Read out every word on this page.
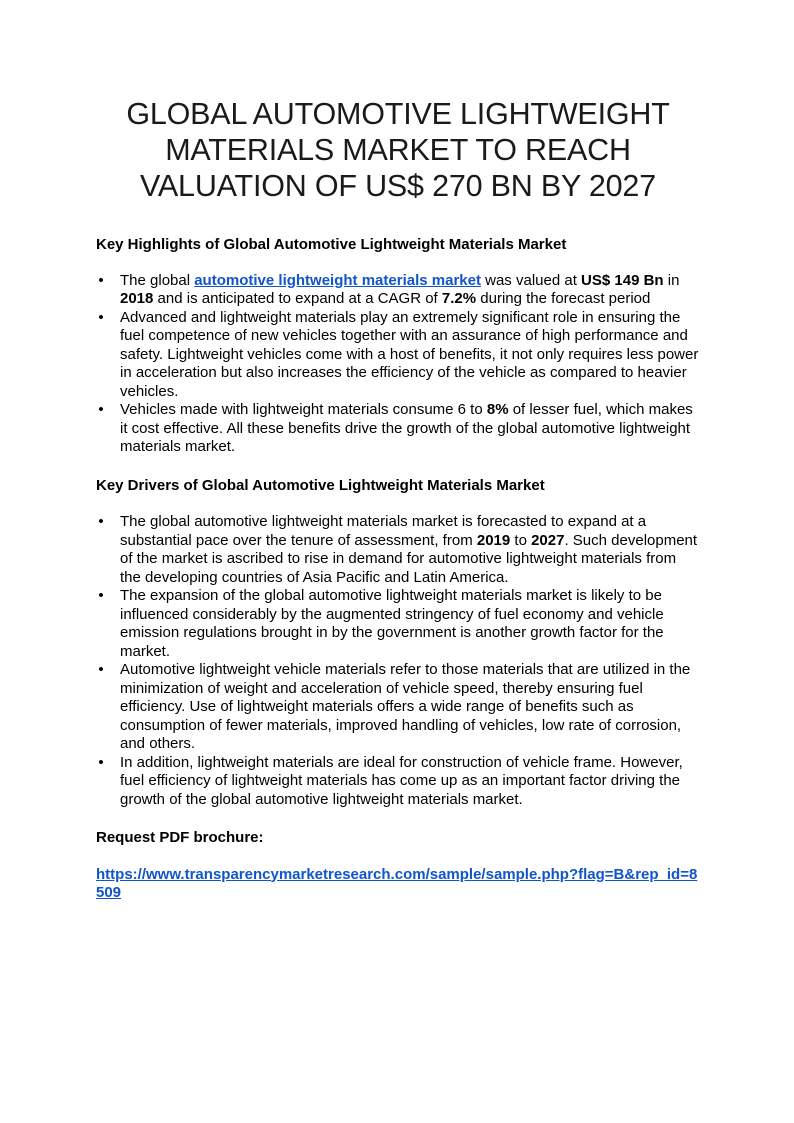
GLOBAL AUTOMOTIVE LIGHTWEIGHT
MATERIALS MARKET TO REACH
VALUATION OF US$ 270 BN BY 2027

Key Highlights of Global Automotive Lightweight Materials Market

• The global automotive lightweight materials market was valued at US$ 149 Bn in 2018 and is anticipated to expand at a CAGR of 7.2% during the forecast period
• Advanced and lightweight materials play an extremely significant role in ensuring the fuel competence of new vehicles together with an assurance of high performance and safety. Lightweight vehicles come with a host of benefits, it not only requires less power in acceleration but also increases the efficiency of the vehicle as compared to heavier vehicles.
• Vehicles made with lightweight materials consume 6 to 8% of lesser fuel, which makes it cost effective. All these benefits drive the growth of the global automotive lightweight materials market.

Key Drivers of Global Automotive Lightweight Materials Market

• The global automotive lightweight materials market is forecasted to expand at a substantial pace over the tenure of assessment, from 2019 to 2027. Such development of the market is ascribed to rise in demand for automotive lightweight materials from the developing countries of Asia Pacific and Latin America.
• The expansion of the global automotive lightweight materials market is likely to be influenced considerably by the augmented stringency of fuel economy and vehicle emission regulations brought in by the government is another growth factor for the market.
• Automotive lightweight vehicle materials refer to those materials that are utilized in the minimization of weight and acceleration of vehicle speed, thereby ensuring fuel efficiency. Use of lightweight materials offers a wide range of benefits such as consumption of fewer materials, improved handling of vehicles, low rate of corrosion, and others.
• In addition, lightweight materials are ideal for construction of vehicle frame. However, fuel efficiency of lightweight materials has come up as an important factor driving the growth of the global automotive lightweight materials market.

Request PDF brochure:

https://www.transparencymarketresearch.com/sample/sample.php?flag=B&rep_id=8509
